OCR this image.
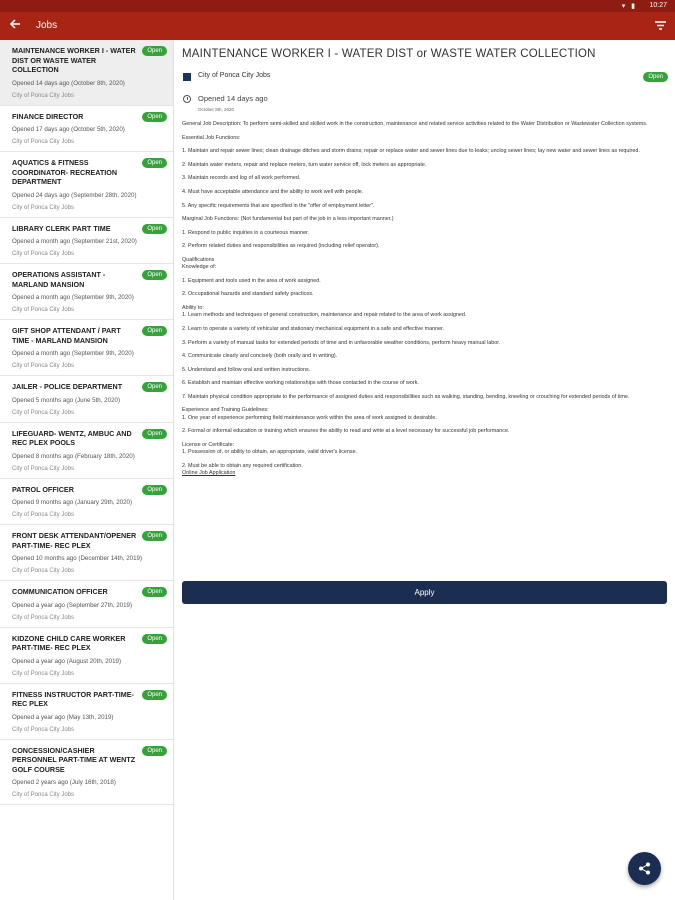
▾ ▮ 10:27
Jobs
MAINTENANCE WORKER I - WATER DIST OR WASTE WATER COLLECTION
Opened 14 days ago (October 8th, 2020)
City of Ponca City Jobs
Open
FINANCE DIRECTOR
Opened 17 days ago (October 5th, 2020)
City of Ponca City Jobs
Open
AQUATICS & FITNESS COORDINATOR- RECREATION DEPARTMENT
Opened 24 days ago (September 28th, 2020)
City of Ponca City Jobs
Open
LIBRARY CLERK PART TIME
Opened a month ago (September 21st, 2020)
City of Ponca City Jobs
Open
OPERATIONS ASSISTANT - MARLAND MANSION
Opened a month ago (September 9th, 2020)
City of Ponca City Jobs
Open
GIFT SHOP ATTENDANT / PART TIME - MARLAND MANSION
Opened a month ago (September 9th, 2020)
City of Ponca City Jobs
Open
JAILER - POLICE DEPARTMENT
Opened 5 months ago (June 5th, 2020)
City of Ponca City Jobs
Open
LIFEGUARD- WENTZ, AMBUC AND REC PLEX POOLS
Opened 8 months ago (February 18th, 2020)
City of Ponca City Jobs
Open
PATROL OFFICER
Opened 9 months ago (January 29th, 2020)
City of Ponca City Jobs
Open
FRONT DESK ATTENDANT/OPENER PART-TIME- REC PLEX
Opened 10 months ago (December 14th, 2019)
City of Ponca City Jobs
Open
COMMUNICATION OFFICER
Opened a year ago (September 27th, 2019)
City of Ponca City Jobs
Open
KIDZONE CHILD CARE WORKER PART-TIME- REC PLEX
Opened a year ago (August 20th, 2019)
City of Ponca City Jobs
Open
FITNESS INSTRUCTOR PART-TIME- REC PLEX
Opened a year ago (May 13th, 2019)
City of Ponca City Jobs
Open
CONCESSION/CASHIER PERSONNEL PART-TIME AT WENTZ GOLF COURSE
Opened 2 years ago (July 16th, 2018)
City of Ponca City Jobs
Open
MAINTENANCE WORKER I - WATER DIST or WASTE WATER COLLECTION
City of Ponca City Jobs	Open
Opened 14 days ago
October 8th, 2020

General Job Description: To perform semi-skilled and skilled work in the construction, maintenance and related service activities related to the Water Distribution or Wastewater Collection systems.

Essential Job Functions:

1. Maintain and repair sewer lines; clean drainage ditches and storm drains; repair or replace water and sewer lines due to leaks; unclog sewer lines; lay new water and sewer lines as required.

2. Maintain water meters, repair and replace meters, turn water service off, lock meters as appropriate.

3. Maintain records and log of all work performed.

4. Must have acceptable attendance and the ability to work well with people.

5. Any specific requirements that are specified in the "offer of employment letter".

Marginal Job Functions: (Not fundamental but part of the job in a less important manner.)

1. Respond to public inquiries in a courteous manner.

2. Perform related duties and responsibilities as required (including relief operator).

Qualifications

Knowledge of:

1. Equipment and tools used in the area of work assigned.

2. Occupational hazards and standard safety practices.

Ability to:

1. Learn methods and techniques of general construction, maintenance and repair related to the area of work assigned.

2. Learn to operate a variety of vehicular and stationary mechanical equipment in a safe and effective manner.

3. Perform a variety of manual tasks for extended periods of time and in unfavorable weather conditions, perform heavy manual labor.

4. Communicate clearly and concisely (both orally and in writing).

5. Understand and follow oral and written instructions.

6. Establish and maintain effective working relationships with those contacted in the course of work.

7. Maintain physical condition appropriate to the performance of assigned duties and responsibilities such as walking, standing, bending, kneeling or crouching for extended periods of time.

Experience and Training Guidelines:

1. One year of experience performing field maintenance work within the area of work assigned is desirable.

2. Formal or informal education or training which ensures the ability to read and write at a level necessary for successful job performance.

License or Certificate:

1. Possession of, or ability to obtain, an appropriate, valid driver's license.

2. Must be able to obtain any required certification.

Online Job Application

Apply
